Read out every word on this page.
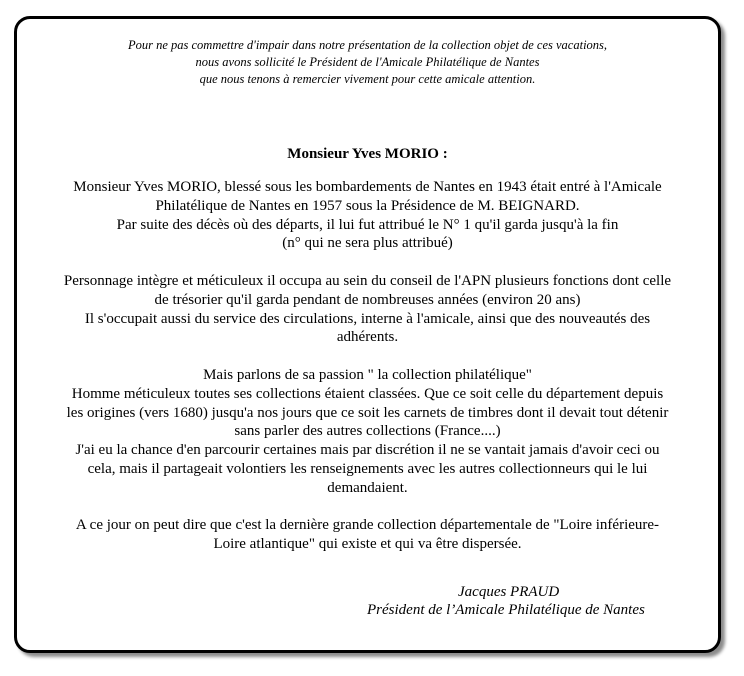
Pour ne pas commettre d'impair dans notre présentation de la collection objet de ces vacations,
nous avons sollicité le Président de l'Amicale Philatélique de Nantes
que nous tenons à remercier vivement pour cette amicale attention.
Monsieur Yves MORIO :
Monsieur Yves MORIO, blessé sous les bombardements de Nantes en 1943 était entré à l'Amicale
Philatélique de Nantes en 1957 sous la Présidence de M. BEIGNARD.
Par suite des décès où des départs, il lui fut attribué le N° 1 qu'il garda jusqu'à la fin
(n° qui ne sera plus attribué)
Personnage intègre et méticuleux il occupa au sein du conseil de l'APN plusieurs fonctions dont celle
de trésorier qu'il garda pendant de nombreuses années (environ 20 ans)
Il s'occupait aussi du service des circulations, interne à l'amicale, ainsi que des nouveautés des
adhérents.
Mais parlons de sa passion " la collection philatélique"
Homme méticuleux toutes ses collections étaient classées. Que ce soit celle du département depuis
les origines (vers 1680) jusqu'a nos jours que ce soit les carnets de timbres dont il devait tout détenir
sans parler des autres collections (France....)
J'ai eu la chance d'en parcourir certaines mais par discrétion il ne se vantait jamais d'avoir ceci ou
cela, mais il partageait volontiers les renseignements avec les autres collectionneurs qui le lui
demandaient.
A ce jour on peut dire que c'est la dernière grande collection départementale de "Loire inférieure-
Loire atlantique" qui existe et qui va être dispersée.
Jacques PRAUD
Président de l’Amicale Philatélique de Nantes
